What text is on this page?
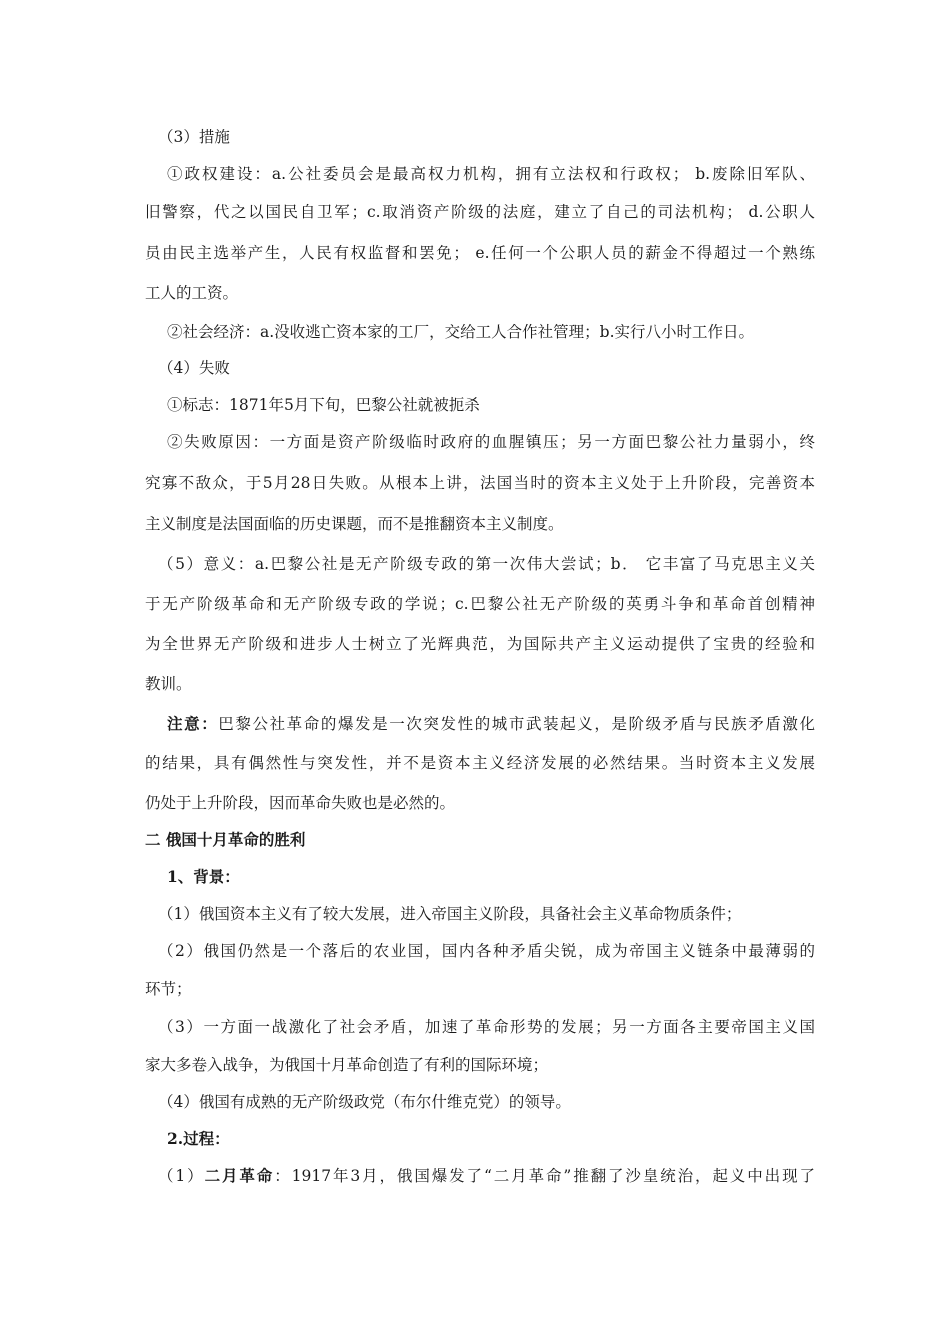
（3）措施
①政权建设：a.公社委员会是最高权力机构，拥有立法权和行政权； b.废除旧军队、
旧警察，代之以国民自卫军；c.取消资产阶级的法庭，建立了自己的司法机构； d.公职人
员由民主选举产生，人民有权监督和罢免； e.任何一个公职人员的薪金不得超过一个熟练
工人的工资。
②社会经济：a.没收逃亡资本家的工厂，交给工人合作社管理；b.实行八小时工作日。
（4）失败
①标志：1871年5月下旬，巴黎公社就被扼杀
②失败原因：一方面是资产阶级临时政府的血腥镇压；另一方面巴黎公社力量弱小，终
究寡不敌众，于5月28日失败。从根本上讲，法国当时的资本主义处于上升阶段，完善资本
主义制度是法国面临的历史课题，而不是推翻资本主义制度。
（5）意义：a.巴黎公社是无产阶级专政的第一次伟大尝试；b． 它丰富了马克思主义关
于无产阶级革命和无产阶级专政的学说；c.巴黎公社无产阶级的英勇斗争和革命首创精神
为全世界无产阶级和进步人士树立了光辉典范，为国际共产主义运动提供了宝贵的经验和
教训。
注意：巴黎公社革命的爆发是一次突发性的城市武装起义，是阶级矛盾与民族矛盾激化
的结果，具有偶然性与突发性，并不是资本主义经济发展的必然结果。当时资本主义发展
仍处于上升阶段，因而革命失败也是必然的。
二 俄国十月革命的胜利
1、背景：
（1）俄国资本主义有了较大发展，进入帝国主义阶段，具备社会主义革命物质条件；
（2）俄国仍然是一个落后的农业国，国内各种矛盾尖锐，成为帝国主义链条中最薄弱的
环节；
（3）一方面一战激化了社会矛盾，加速了革命形势的发展；另一方面各主要帝国主义国
家大多卷入战争，为俄国十月革命创造了有利的国际环境；
（4）俄国有成熟的无产阶级政党（布尔什维克党）的领导。
2.过程：
（1）二月革命：1917年3月，俄国爆发了“二月革命”推翻了沙皇统治，起义中出现了
